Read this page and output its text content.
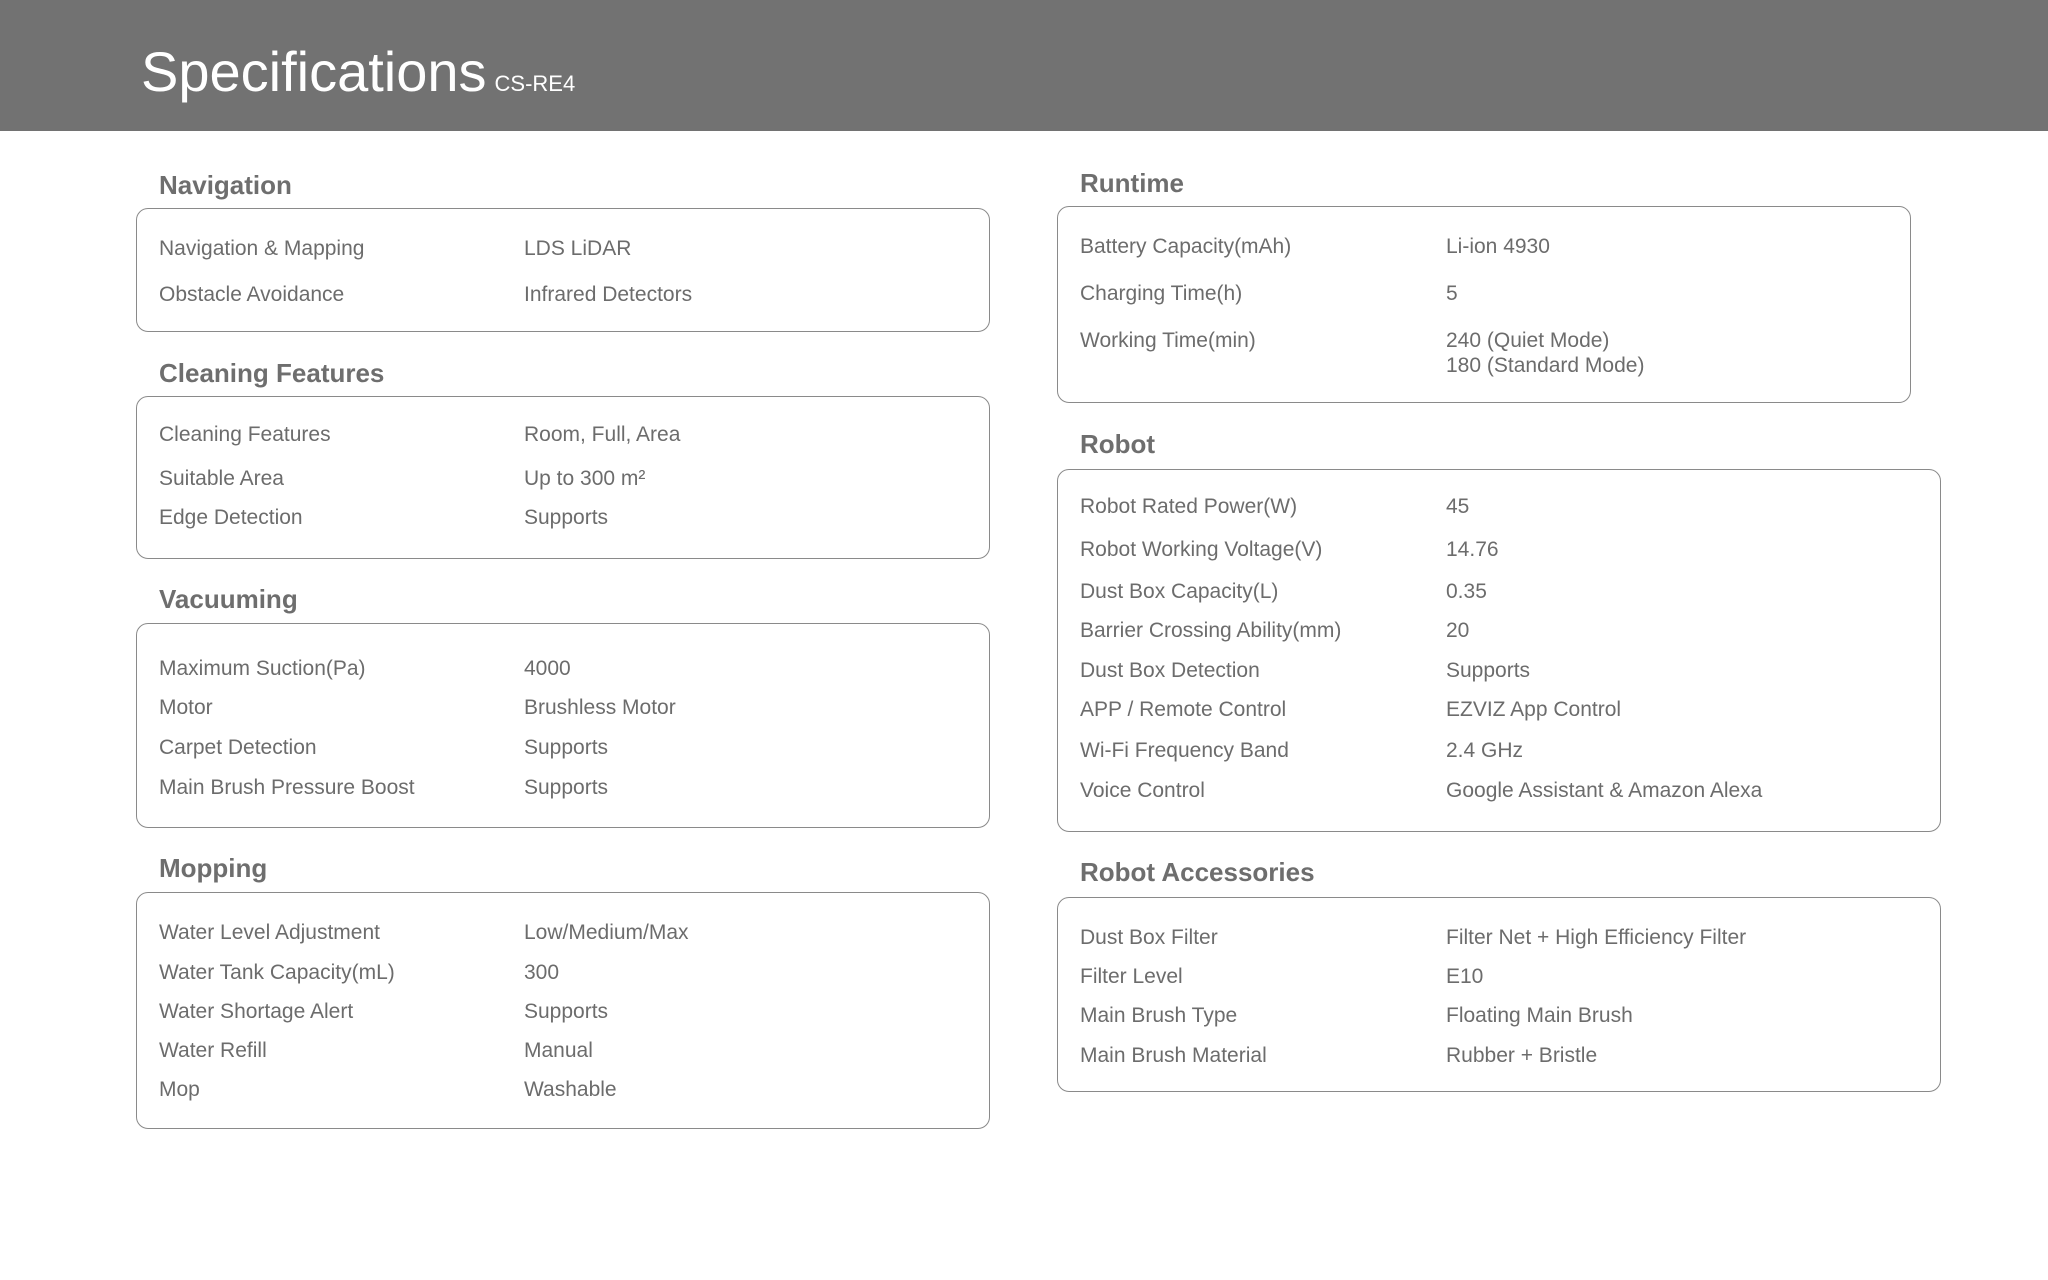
Specifications CS-RE4
Navigation
Navigation & Mapping	LDS LiDAR
Obstacle Avoidance	Infrared Detectors
Cleaning Features
Cleaning Features	Room, Full, Area
Suitable Area	Up to 300 m²
Edge Detection	Supports
Vacuuming
Maximum Suction(Pa)	4000
Motor	Brushless Motor
Carpet Detection	Supports
Main Brush Pressure Boost	Supports
Mopping
Water Level Adjustment	Low/Medium/Max
Water Tank Capacity(mL)	300
Water Shortage Alert	Supports
Water Refill	Manual
Mop	Washable
Runtime
Battery Capacity(mAh)	Li-ion 4930
Charging Time(h)	5
Working Time(min)	240 (Quiet Mode)
180 (Standard Mode)
Robot
Robot Rated Power(W)	45
Robot Working Voltage(V)	14.76
Dust Box Capacity(L)	0.35
Barrier Crossing Ability(mm)	20
Dust Box Detection	Supports
APP / Remote Control	EZVIZ App Control
Wi-Fi Frequency Band	2.4 GHz
Voice Control	Google Assistant & Amazon Alexa
Robot Accessories
Dust Box Filter	Filter Net + High Efficiency Filter
Filter Level	E10
Main Brush Type	Floating Main Brush
Main Brush Material	Rubber + Bristle
